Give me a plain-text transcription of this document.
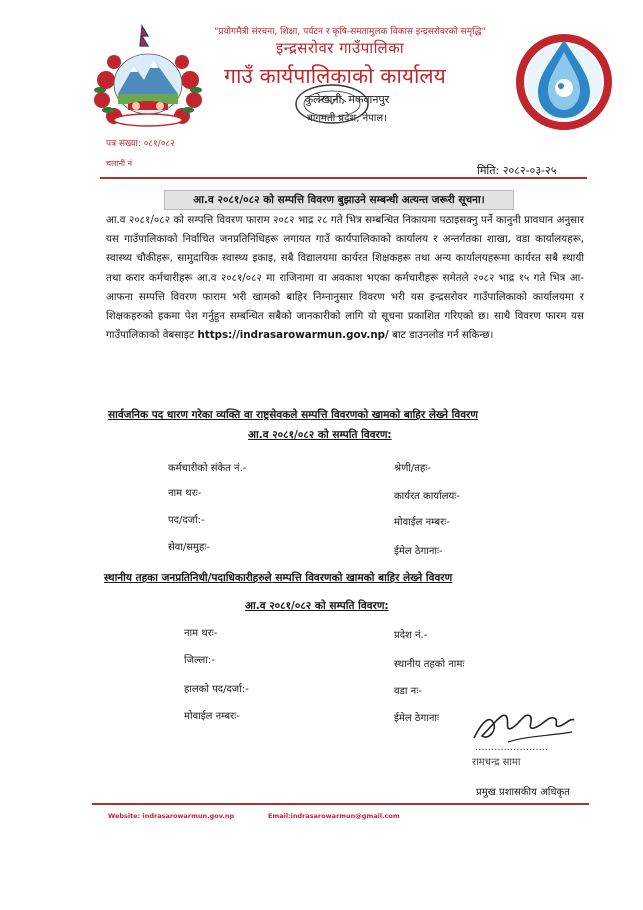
"प्रयोगमैत्री संरचना, शिक्षा, पर्यटन र कृषि-समतामुलक विकास इन्द्रसरोवरको समृद्धि"
इन्द्रसरोवर गाउँपालिका
गाउँ कार्यपालिकाको कार्यालय
कुलेखानी, मकवानपुर
बागमती प्रदेश, नेपाल।
पत्र संख्या: ०८१/०८२
चलानी नं
मिति: २०८२-०३-२५
आ.व २०८१/०८२ को सम्पत्ति विवरण बुझाउने सम्बन्धी अत्यन्त जरूरी सूचना।
आ.व २०८१/०८२ को सम्पत्ति विवरण फाराम २०८२ भाद्र २८ गते भित्र सम्बन्धित निकायमा पठाइसक्नु पर्ने कानुनी प्रावधान अनुसार यस गाउँपालिकाको निर्वाचित जनप्रतिनिधिहरू लगायत गाउँ कार्यपालिकाको कार्यालय र अन्तर्गतका शाखा, वडा कार्यालयहरू, स्वास्थ्य चौकीहरू, सामुदायिक स्वास्थ्य इकाइ, सबै विद्यालयमा कार्यरत शिक्षकहरू तथा अन्य कार्यालयहरूमा कार्यरत सबै स्थायी तथा करार कर्मचारीहरू आ.व २०८१/०८२ मा राजिनामा वा अवकाश भएका कर्मचारीहरू समेतले २०८२ भाद्र १५ गते भित्र आ-आफना सम्पत्ति विवरण फाराम भरी खामको बाहिर निम्नानुसार विवरण भरी यस इन्द्रसरोवर गाउँपालिकाको कार्यालयमा र शिक्षकहरुको हकमा पेश गर्नुहुन सम्बन्धित सबैको जानकारीको लागि यो सूचना प्रकाशित गरिएको छ। साथै विवरण फारम यस गाउँपालिकाको वेबसाइट https://indrasarowarmun.gov.np/ बाट डाउनलोड गर्न सकिन्छ।
सार्वजनिक पद धारण गरेका व्यक्ति वा राष्ट्रसेवकले सम्पत्ति विवरणको खामको बाहिर लेख्ने विवरण
आ.व २०८१/०८२ को सम्पति विवरण:
कर्मचारीको संकेत नं.-
नाम थरः-
पद/दर्जा:-
सेवा/समुहः-
श्रेणी/तहः-
कार्यरत कार्यालयः-
मोवाईल नम्बरः-
ईमेल ठेगानाः-
स्थानीय तहका जनप्रतिनिधी/पदाधिकारीहरुले सम्पत्ति विवरणको खामको बाहिर लेख्ने विवरण
आ.व २०८१/०८२ को सम्पति विवरण:
नाम थरः-
जिल्ला:-
हालको पद/दर्जा:-
मोवाईल नम्बरः-
प्रदेश नं.-
स्थानीय तहको नामः
वडा नः-
ईमेल ठेगानाः
.......................
रामचन्द्र सामा
प्रमुख प्रशासकीय अधिकृत
Website: indrasarowarmun.gov.np	Email:indrasarowarmun@gmail.com
